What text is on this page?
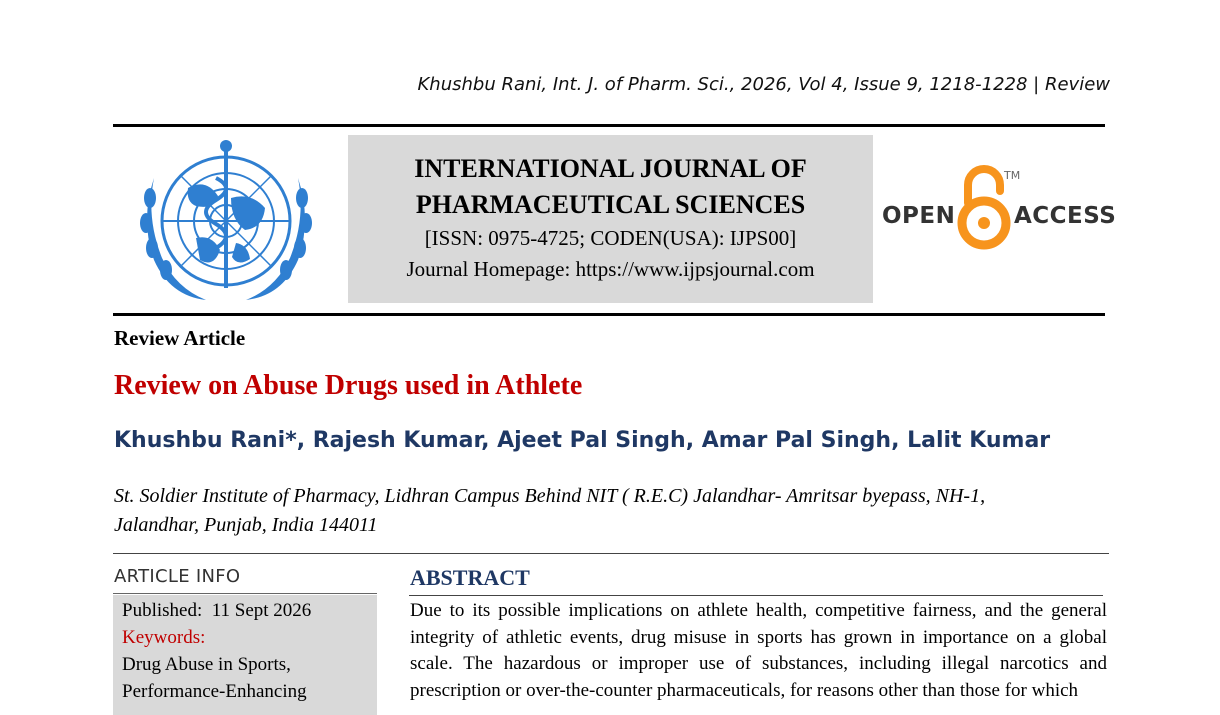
Khushbu Rani, Int. J. of Pharm. Sci., 2026, Vol 4, Issue 9, 1218-1228 | Review
INTERNATIONAL JOURNAL OF
PHARMACEUTICAL SCIENCES
[ISSN: 0975-4725; CODEN(USA): IJPS00]
Journal Homepage: https://www.ijpsjournal.com
OPEN
TM
ACCESS
Review Article
Review on Abuse Drugs used in Athlete
Khushbu Rani*, Rajesh Kumar, Ajeet Pal Singh, Amar Pal Singh, Lalit Kumar
St. Soldier Institute of Pharmacy, Lidhran Campus Behind NIT ( R.E.C) Jalandhar- Amritsar byepass, NH-1,
Jalandhar, Punjab, India 144011
ARTICLE INFO
Published: 11 Sept 2026
Keywords:
Drug Abuse in Sports,
Performance-Enhancing
ABSTRACT
Due to its possible implications on athlete health, competitive fairness, and the general integrity of athletic events, drug misuse in sports has grown in importance on a global scale. The hazardous or improper use of substances, including illegal narcotics and prescription or over-the-counter pharmaceuticals, for reasons other than those for which
